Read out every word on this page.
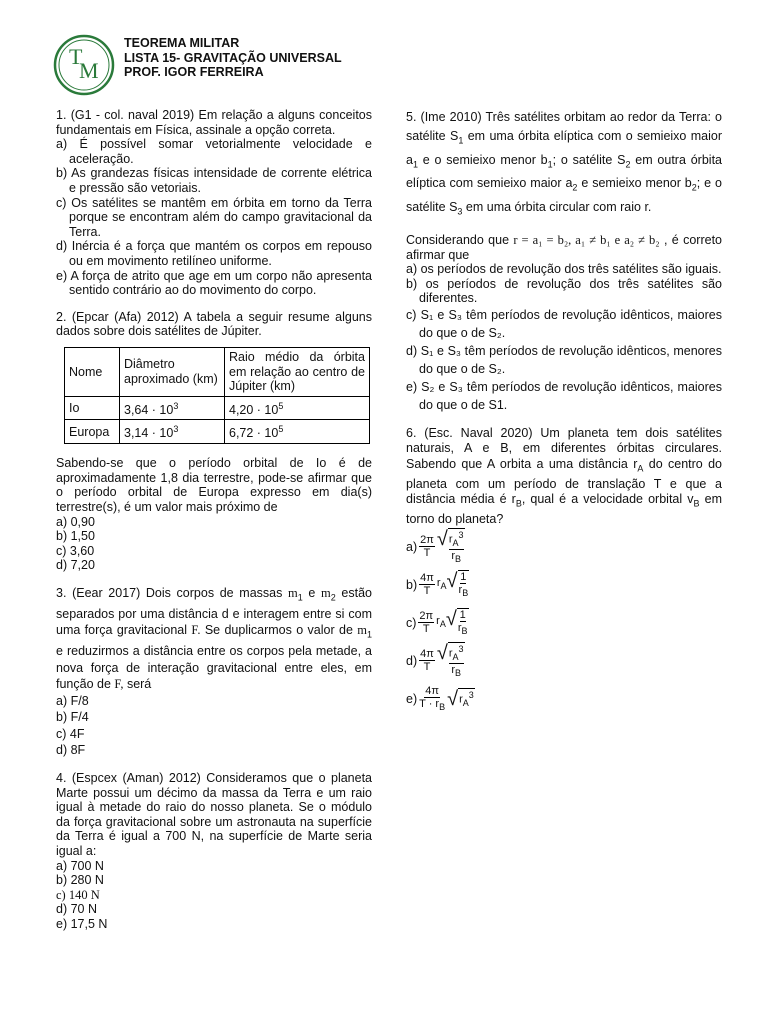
T
M
TEOREMA MILITAR
LISTA 15- GRAVITAÇÃO UNIVERSAL
PROF. IGOR FERREIRA

1. (G1 - col. naval 2019) Em relação a alguns conceitos fundamentais em Física, assinale a opção correta.

a) É possível somar vetorialmente velocidade e aceleração.
b) As grandezas físicas intensidade de corrente elétrica e pressão são vetoriais.
c) Os satélites se mantêm em órbita em torno da Terra porque se encontram além do campo gravitacional da Terra.
d) Inércia é a força que mantém os corpos em repouso ou em movimento retilíneo uniforme.
e) A força de atrito que age em um corpo não apresenta sentido contrário ao do movimento do corpo.

2. (Epcar (Afa) 2012) A tabela a seguir resume alguns dados sobre dois satélites de Júpiter.

Nome	Diâmetro aproximado (km)	Raio médio da órbita em relação ao centro de Júpiter (km)
Io	$3,64 \cdot 10^3$	$4,20 \cdot 10^5$
Europa	$3,14 \cdot 10^3$	$6,72 \cdot 10^5$

Sabendo-se que o período orbital de Io é de aproximadamente 1,8 dia terrestre, pode-se afirmar que o período orbital de Europa expresso em dia(s) terrestre(s), é um valor mais próximo de

a) 0,90
b) 1,50
c) 3,60
d) 7,20

3. (Eear 2017) Dois corpos de massas $m_1$ e $m_2$ estão separados por uma distância d e interagem entre si com uma força gravitacional F. Se duplicarmos o valor de $m_1$ e reduzirmos a distância entre os corpos pela metade, a nova força de interação gravitacional entre eles, em função de F, será

a) F/8
b) F/4
c) 4F
d) 8F

4. (Espcex (Aman) 2012) Consideramos que o planeta Marte possui um décimo da massa da Terra e um raio igual à metade do raio do nosso planeta. Se o módulo da força gravitacional sobre um astronauta na superfície da Terra é igual a 700 N, na superfície de Marte seria igual a:

a) 700 N
b) 280 N
c) 140 N
d) 70 N
e) 17,5 N

5. (Ime 2010) Três satélites orbitam ao redor da Terra: o satélite $S_1$ em uma órbita elíptica com o semieixo maior $a_1$ e o semieixo menor $b_1$; o satélite $S_2$ em outra órbita elíptica com semieixo maior $a_2$ e semieixo menor $b_2$; e o satélite $S_3$ em uma órbita circular com raio r.

Considerando que r = a₁ = b₂, a₁ ≠ b₁ e a₂ ≠ b₂ , é correto afirmar que

a) os períodos de revolução dos três satélites são iguais.
b) os períodos de revolução dos três satélites são diferentes.
c) S₁ e S₃ têm períodos de revolução idênticos, maiores do que o de S₂.
d) S₁ e S₃ têm períodos de revolução idênticos, menores do que o de S₂.
e) S₂ e S₃ têm períodos de revolução idênticos, maiores do que o de S1.

6. (Esc. Naval 2020) Um planeta tem dois satélites naturais, A e B, em diferentes órbitas circulares. Sabendo que A orbita a uma distância $r_A$ do centro do planeta com um período de translação T e que a distância média é $r_B$, qual é a velocidade orbital $v_B$ em torno do planeta?

$a) \frac{2\pi}{T}$ √ $r_A^3$
$r_B$
$b) \frac{4\pi}{T} r_A$ √ 1
$r_B$
$c) \frac{2\pi}{T} r_A$ √ 1
$r_B$
$d) \frac{4\pi}{T}$ √ $r_A^3$
$r_B$
$e) \frac{4\pi}{T \cdot r_B}$ √ $r_A^3$
